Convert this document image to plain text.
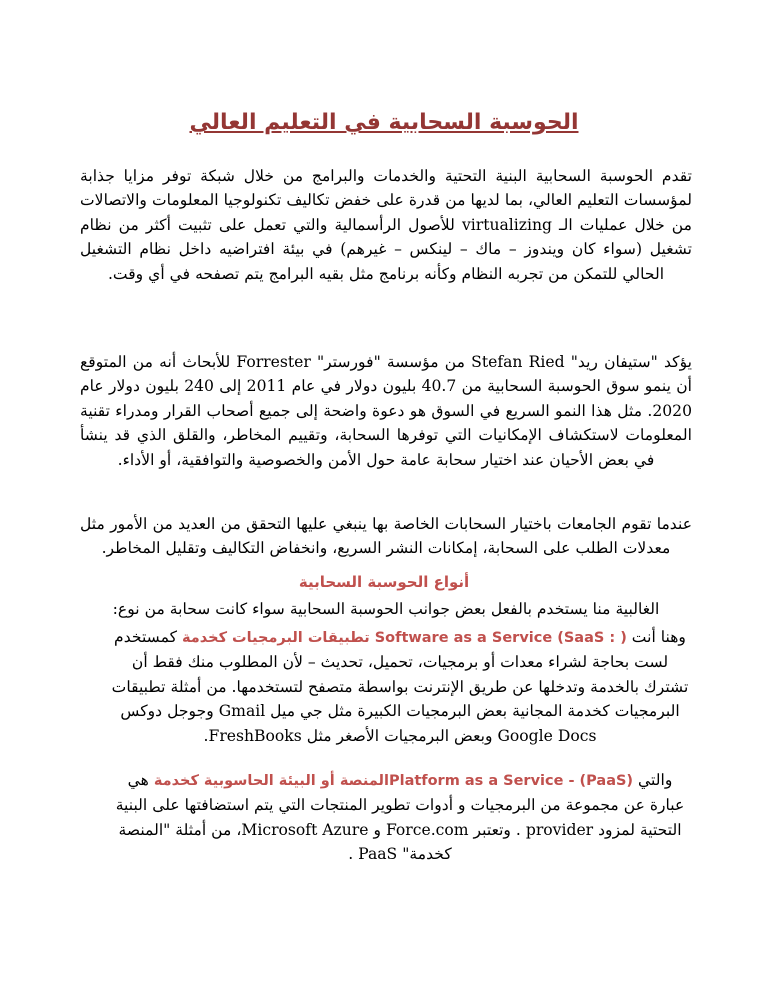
الحوسبة السحابية في التعليم العالي
تقدم الحوسبة السحابية البنية التحتية والخدمات والبرامج من خلال شبكة توفر مزايا جذابة لمؤسسات التعليم العالي، بما لديها من قدرة على خفض تكاليف تكنولوجيا المعلومات والاتصالات من خلال عمليات الـ virtualizing للأصول الرأسمالية والتي تعمل على تثبيت أكثر من نظام تشغيل (سواء كان ويندوز – ماك – لينكس – غيرهم) في بيئة افتراضيه داخل نظام التشغيل الحالي للتمكن من تجربه النظام وكأنه برنامج مثل بقيه البرامج يتم تصفحه في أي وقت.
يؤكد "ستيفان ريد" Stefan Ried من مؤسسة "فورستر" Forrester للأبحاث أنه من المتوقع أن ينمو سوق الحوسبة السحابية من 40.7 بليون دولار في عام 2011 إلى 240 بليون دولار عام 2020. مثل هذا النمو السريع في السوق هو دعوة واضحة إلى جميع أصحاب القرار ومدراء تقنية المعلومات لاستكشاف الإمكانيات التي توفرها السحابة، وتقييم المخاطر، والقلق الذي قد ينشأ في بعض الأحيان عند اختيار سحابة عامة حول الأمن والخصوصية والتوافقية، أو الأداء.
عندما تقوم الجامعات باختيار السحابات الخاصة بها ينبغي عليها التحقق من العديد من الأمور مثل معدلات الطلب على السحابة، إمكانات النشر السريع، وانخفاض التكاليف وتقليل المخاطر.
أنواع الحوسبة السحابية
الغالبية منا يستخدم بالفعل بعض جوانب الحوسبة السحابية سواء كانت سحابة من نوع:
وهنا أنت Software as a Service (SaaS : ) تطبيقات البرمجيات كخدمة كمستخدم لست بحاجة لشراء معدات أو برمجيات، تحميل، تحديث – لأن المطلوب منك فقط أن تشترك بالخدمة وتدخلها عن طريق الإنترنت بواسطة متصفح لتستخدمها. من أمثلة تطبيقات البرمجيات كخدمة المجانية بعض البرمجيات الكبيرة مثل جي ميل Gmail وجوجل دوكس Google Docs وبعض البرمجيات الأصغر مثل FreshBooks.
والتي Platform as a Service - (PaaS)المنصة أو البيئة الحاسوبية كخدمة هي عبارة عن مجموعة من البرمجيات و أدوات تطوير المنتجات التي يتم استضافتها على البنية التحتية لمزود provider . وتعتبر Force.com و Microsoft Azure، من أمثلة "المنصة كخدمة" PaaS .
